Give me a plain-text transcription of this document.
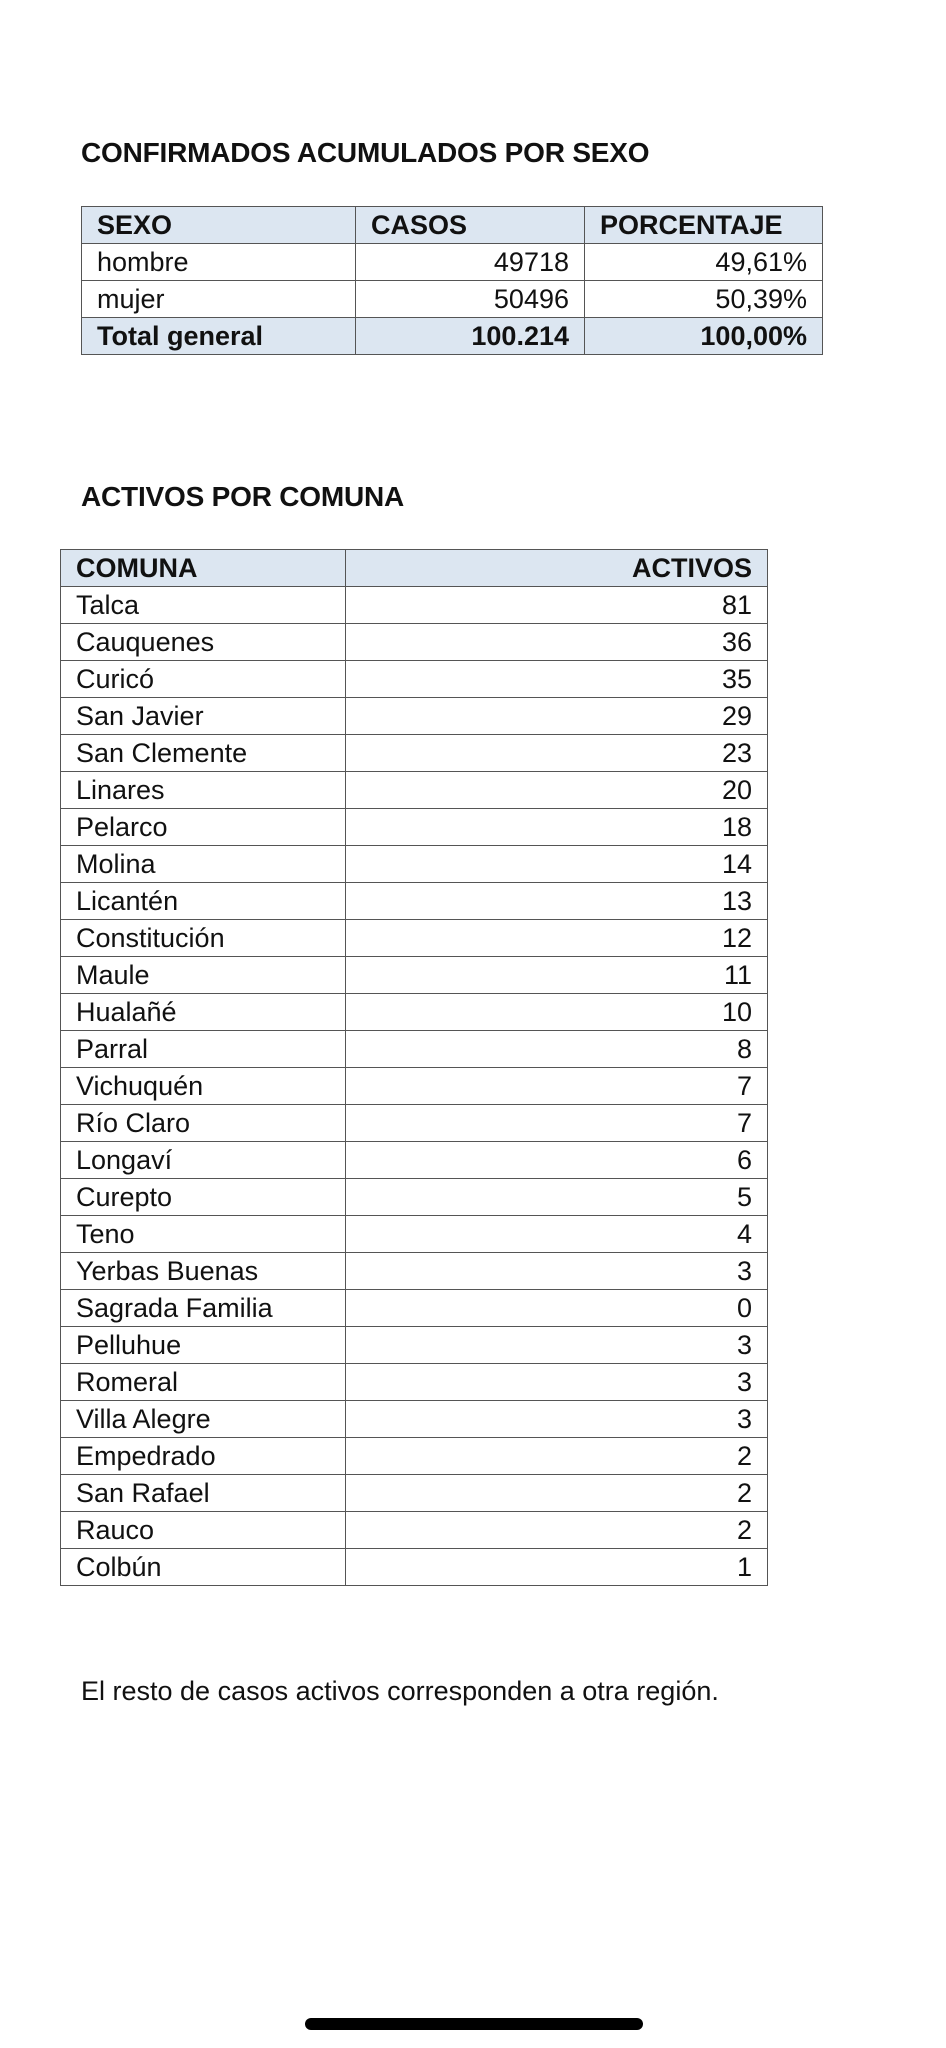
CONFIRMADOS ACUMULADOS POR SEXO
SEXO	CASOS	PORCENTAJE
hombre	49718	49,61%
mujer	50496	50,39%
Total general	100.214	100,00%
ACTIVOS POR COMUNA
COMUNA	ACTIVOS
Talca	81
Cauquenes	36
Curicó	35
San Javier	29
San Clemente	23
Linares	20
Pelarco	18
Molina	14
Licantén	13
Constitución	12
Maule	11
Hualañé	10
Parral	8
Vichuquén	7
Río Claro	7
Longaví	6
Curepto	5
Teno	4
Yerbas Buenas	3
Sagrada Familia	0
Pelluhue	3
Romeral	3
Villa Alegre	3
Empedrado	2
San Rafael	2
Rauco	2
Colbún	1

El resto de casos activos corresponden a otra región.
